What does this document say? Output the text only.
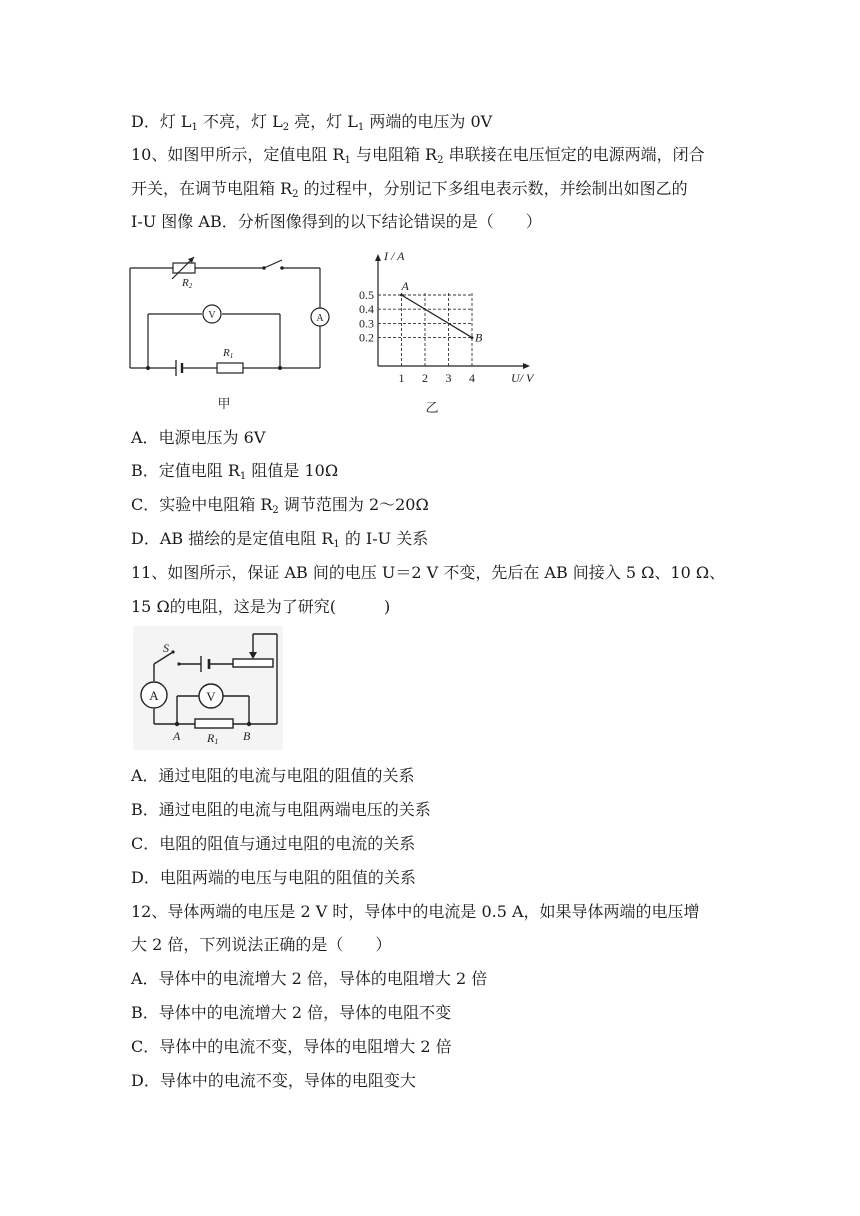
D．灯 $L_1$ 不亮，灯 $L_2$ 亮，灯 $L_1$ 两端的电压为 0V
10、如图甲所示，定值电阻 $R_1$ 与电阻箱 $R_2$ 串联接在电压恒定的电源两端，闭合
开关，在调节电阻箱 $R_2$ 的过程中，分别记下多组电表示数，并绘制出如图乙的
I-U 图像 AB．分析图像得到的以下结论错误的是（　　）
R2
R1
V	A
甲
1 2 3 4
0.2
0.3
0.4
0.5
A
B
I / A
U/ V
乙
A．电源电压为 6V
B．定值电阻 $R_1$ 阻值是 10Ω
C．实验中电阻箱 $R_2$ 调节范围为 2～20Ω
D．AB 描绘的是定值电阻 $R_1$ 的 I-U 关系
11、如图所示，保证 AB 间的电压 U＝2 V 不变，先后在 AB 间接入 5 Ω、10 Ω、
15 Ω的电阻，这是为了研究(　　　)
S
A	V
A R1 B
A．通过电阻的电流与电阻的阻值的关系
B．通过电阻的电流与电阻两端电压的关系
C．电阻的阻值与通过电阻的电流的关系
D．电阻两端的电压与电阻的阻值的关系
12、导体两端的电压是 2 V 时，导体中的电流是 0.5 A，如果导体两端的电压增
大 2 倍，下列说法正确的是（　　）
A．导体中的电流增大 2 倍，导体的电阻增大 2 倍
B．导体中的电流增大 2 倍，导体的电阻不变
C．导体中的电流不变，导体的电阻增大 2 倍
D．导体中的电流不变，导体的电阻变大
